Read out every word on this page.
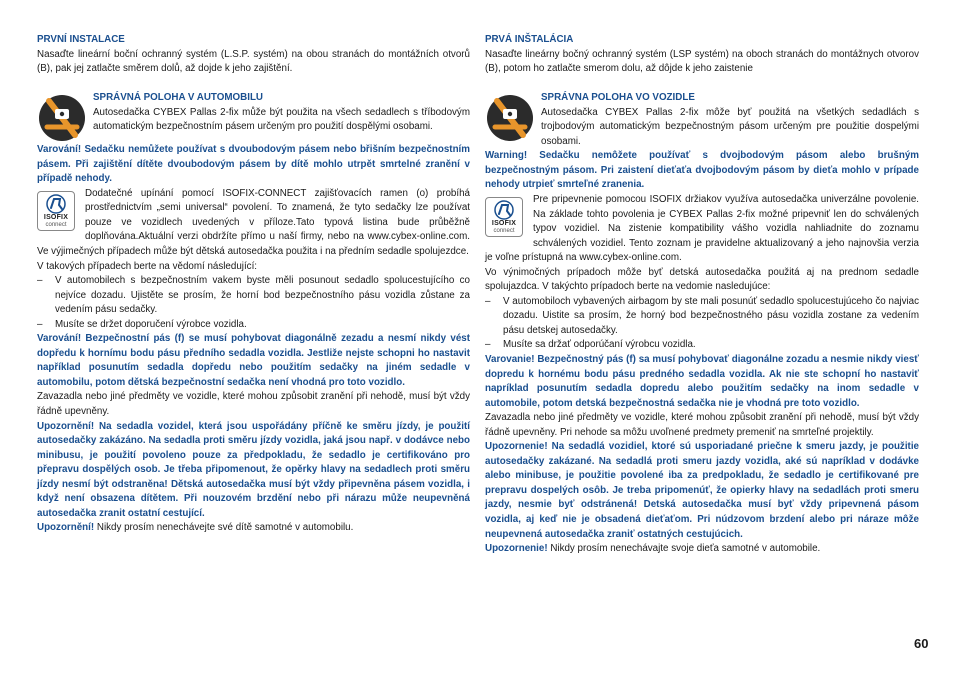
PRVNÍ INSTALACE

Nasaďte lineární boční ochranný systém (L.S.P. systém) na obou stranách do montážních otvorů (B), pak jej zatlačte směrem dolů, až dojde k jeho zajištění.

SPRÁVNÁ POLOHA V AUTOMOBILU

Autosedačka CYBEX Pallas 2-fix může být použita na všech sedadlech s tříbodovým automatickým bezpečnostním pásem určeným pro použití dospělými osobami.

Varování! Sedačku nemůžete používat s dvoubodovým pásem nebo břišním bezpečnostním pásem. Při zajištění dítěte dvoubodovým pásem by dítě mohlo utrpět smrtelné zranění v případě nehody.

ISOFIX
connect

Dodatečné upínání pomocí ISOFIX-CONNECT zajišťovacích ramen (o) probíhá prostřednictvím „semi universal“ povolení. To znamená, že tyto sedačky lze používat pouze ve vozidlech uvedených v příloze.Tato typová listina bude průběžně doplňována.Aktuální verzi obdržíte přímo u naší firmy, nebo na www.cybex-online.com. Ve výjimečných případech může být dětská autosedačka použita i na předním sedadle spolujezdce.

V takových případech berte na vědomí následující:

–	V automobilech s bezpečnostním vakem byste měli posunout sedadlo spolucestujícího co nejvíce dozadu. Ujistěte se prosím, že horní bod bezpečnostního pásu vozidla zůstane za vedením pásu sedačky.
–	Musíte se držet doporučení výrobce vozidla.

Varování! Bezpečnostní pás (f) se musí pohybovat diagonálně zezadu a nesmí nikdy vést dopředu k hornímu bodu pásu předního sedadla vozidla. Jestliže nejste schopni ho nastavit například posunutím sedadla dopředu nebo použitím sedačky na jiném sedadle v automobilu, potom dětská bezpečnostní sedačka není vhodná pro toto vozidlo.

Zavazadla nebo jiné předměty ve vozidle, které mohou způsobit zranění při nehodě, musí být vždy řádně upevněny.

Upozornění! Na sedadla vozidel, která jsou uspořádány příčně ke směru jízdy, je použití autosedačky zakázáno. Na sedadla proti směru jízdy vozidla, jaká jsou např. v dodávce nebo minibusu, je použití povoleno pouze za předpokladu, že sedadlo je certifikováno pro přepravu dospělých osob. Je třeba připomenout, že opěrky hlavy na sedadlech proti směru jízdy nesmí být odstraněna! Dětská autosedačka musí být vždy připevněna pásem vozidla, i když není obsazena dítětem. Při nouzovém brzdění nebo při nárazu může neupevněná autosedačka zranit ostatní cestující.

Upozornění! Nikdy prosím nenechávejte své dítě samotné v automobilu.

PRVÁ INŠTALÁCIA

Nasaďte lineárny bočný ochranný systém (LSP systém) na oboch stranách do montážnych otvorov (B), potom ho zatlačte smerom dolu, až dôjde k jeho zaistenie

SPRÁVNA POLOHA VO VOZIDLE

Autosedačka CYBEX Pallas 2-fix môže byť použitá na všetkých sedadlách s trojbodovým automatickým bezpečnostným pásom určeným pre použitie dospelými osobami.

Warning! Sedačku nemôžete používať s dvojbodovým pásom alebo brušným bezpečnostným pásom. Pri zaistení dieťaťa dvojbodovým pásom by dieťa mohlo v prípade nehody utrpieť smrteľné zranenia.

ISOFIX
connect

Pre pripevnenie pomocou ISOFIX držiakov využíva autosedačka univerzálne povolenie. Na základe tohto povolenia je CYBEX Pallas 2-fix možné pripevniť len do schválených typov vozidiel. Na zistenie kompatibility vášho vozidla nahliadnite do zoznamu schválených vozidiel. Tento zoznam je pravidelne aktualizovaný a jeho najnovšia verzia je voľne prístupná na www.cybex-online.com.

Vo výnimočných prípadoch môže byť detská autosedačka použitá aj na prednom sedadle spolujazdca. V takýchto prípadoch berte na vedomie nasledujúce:

–	V automobiloch vybavených airbagom by ste mali posunúť sedadlo spolucestujúceho čo najviac dozadu. Uistite sa prosím, že horný bod bezpečnostného pásu vozidla zostane za vedením pásu detskej autosedačky.
–	Musíte sa držať odporúčaní výrobcu vozidla.

Varovanie! Bezpečnostný pás (f) sa musí pohybovať diagonálne zozadu a nesmie nikdy viesť dopredu k hornému bodu pásu predného sedadla vozidla. Ak nie ste schopní ho nastaviť napríklad posunutím sedadla dopredu alebo použitím sedačky na inom sedadle v automobile, potom detská bezpečnostná sedačka nie je vhodná pre toto vozidlo.

Zavazadla nebo jiné předměty ve vozidle, které mohou způsobit zranění při nehodě, musí být vždy řádně upevněny. Pri nehode sa môžu uvoľnené predmety premeniť na smrteľné projektily.

Upozornenie! Na sedadlá vozidiel, ktoré sú usporiadané priečne k smeru jazdy, je použitie autosedačky zakázané. Na sedadlá proti smeru jazdy vozidla, aké sú napríklad v dodávke alebo minibuse, je použitie povolené iba za predpokladu, že sedadlo je certifikované pre prepravu dospelých osôb. Je treba pripomenúť, že opierky hlavy na sedadlách proti smeru jazdy, nesmie byť odstránená! Detská autosedačka musí byť vždy pripevnená pásom vozidla, aj keď nie je obsadená dieťaťom. Pri núdzovom brzdení alebo pri náraze môže neupevnená autosedačka zraniť ostatných cestujúcich.

Upozornenie! Nikdy prosím nenechávajte svoje dieťa samotné v automobile.

60
